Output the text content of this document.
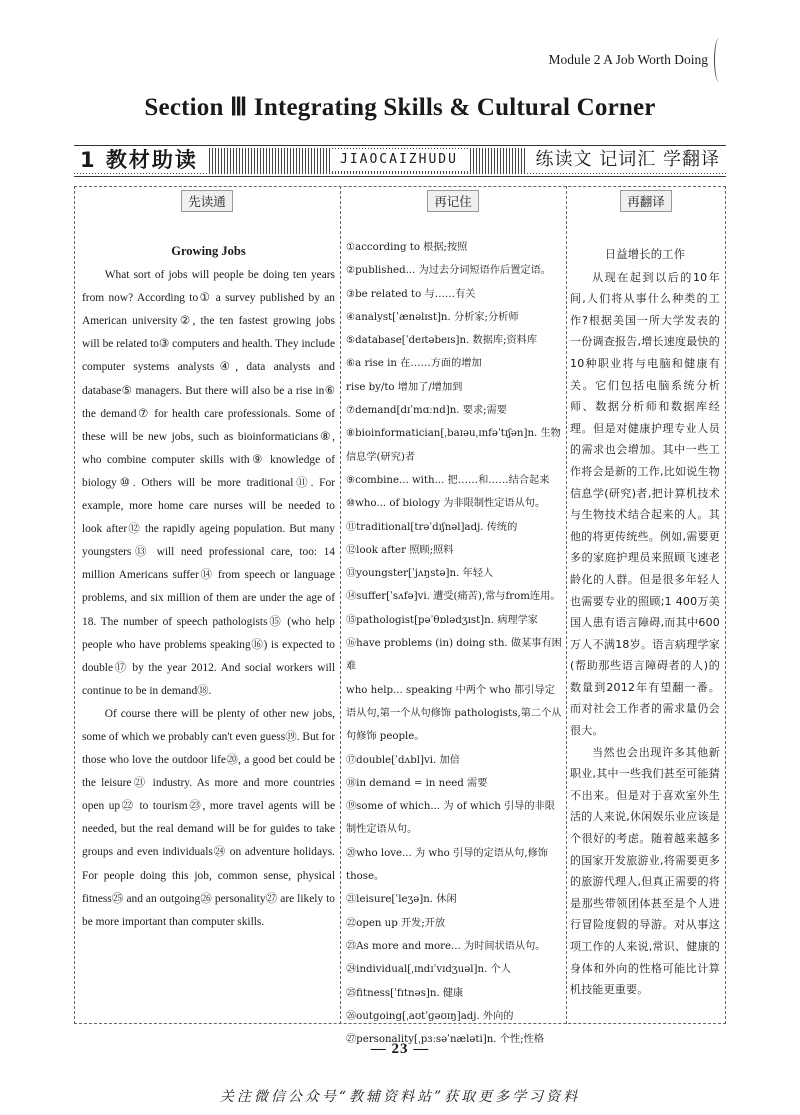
Module 2 A Job Worth Doing
Section Ⅲ Integrating Skills & Cultural Corner
1 教材助读	JIAOCAIZHUDU	练读文 记词汇 学翻译
先读通	再记住	再翻译
Growing Jobs

What sort of jobs will people be doing ten years from now? According to① a survey published by an American university②, the ten fastest growing jobs will be related to③ computers and health. They include computer systems analysts④, data analysts and database⑤ managers. But there will also be a rise in⑥ the demand⑦ for health care professionals. Some of these will be new jobs, such as bioinformaticians⑧, who combine computer skills with⑨ knowledge of biology⑩. Others will be more traditional⑪. For example, more home care nurses will be needed to look after⑫ the rapidly ageing population. But many youngsters⑬ will need professional care, too: 14 million Americans suffer⑭ from speech or language problems, and six million of them are under the age of 18. The number of speech pathologists⑮ (who help people who have problems speaking⑯) is expected to double⑰ by the year 2012. And social workers will continue to be in demand⑱.

Of course there will be plenty of other new jobs, some of which we probably can't even guess⑲. But for those who love the outdoor life⑳, a good bet could be the leisure㉑ industry. As more and more countries open up㉒ to tourism㉓, more travel agents will be needed, but the real demand will be for guides to take groups and even individuals㉔ on adventure holidays. For people doing this job, common sense, physical fitness㉕ and an outgoing㉖ personality㉗ are likely to be more important than computer skills.

①according to 根据;按照
②published... 为过去分词短语作后置定语。
③be related to 与……有关
④analyst[ˈænəlɪst]n. 分析家;分析师
⑤database[ˈdeɪtəbeɪs]n. 数据库;资料库
⑥a rise in 在……方面的增加
rise by/to 增加了/增加到
⑦demand[dɪˈmɑːnd]n. 要求;需要
⑧bioinformatician[ˌbaɪəuˌɪnfəˈtɪʃən]n. 生物信息学(研究)者
⑨combine... with... 把……和……结合起来
⑩who... of biology 为非限制性定语从句。
⑪traditional[trəˈdɪʃnəl]adj. 传统的
⑫look after 照顾;照料
⑬youngster[ˈjʌŋstə]n. 年轻人
⑭suffer[ˈsʌfə]vi. 遭受(痛苦),常与from连用。
⑮pathologist[pəˈθɒlədʒɪst]n. 病理学家
⑯have problems (in) doing sth. 做某事有困难
who help... speaking 中两个 who 都引导定语从句,第一个从句修饰 pathologists,第二个从句修饰 people。
⑰double[ˈdʌbl]vi. 加倍
⑱in demand = in need 需要
⑲some of which... 为 of which 引导的非限制性定语从句。
⑳who love... 为 who 引导的定语从句,修饰 those。
㉑leisure[ˈleʒə]n. 休闲
㉒open up 开发;开放
㉓As more and more... 为时间状语从句。
㉔individual[ˌɪndɪˈvɪdʒuəl]n. 个人
㉕fitness[ˈfɪtnəs]n. 健康
㉖outgoing[ˌaʊtˈɡəʊɪŋ]adj. 外向的
㉗personality[ˌpɜːsəˈnæləti]n. 个性;性格
日益增长的工作

从现在起到以后的10年间,人们将从事什么种类的工作?根据美国一所大学发表的一份调查报告,增长速度最快的10种职业将与电脑和健康有关。它们包括电脑系统分析师、数据分析师和数据库经理。但是对健康护理专业人员的需求也会增加。其中一些工作将会是新的工作,比如说生物信息学(研究)者,把计算机技术与生物技术结合起来的人。其他的将更传统些。例如,需要更多的家庭护理员来照顾飞速老龄化的人群。但是很多年轻人也需要专业的照顾;1 400万美国人患有语言障碍,而其中600万人不满18岁。语言病理学家(帮助那些语言障碍者的人)的数量到2012年有望翻一番。而对社会工作者的需求量仍会很大。

当然也会出现许多其他新职业,其中一些我们甚至可能猜不出来。但是对于喜欢室外生活的人来说,休闲娱乐业应该是个很好的考虑。随着越来越多的国家开发旅游业,将需要更多的旅游代理人,但真正需要的将是那些带领团体甚至是个人进行冒险度假的导游。对从事这项工作的人来说,常识、健康的身体和外向的性格可能比计算机技能更重要。

— 23 —
关注微信公众号“教辅资料站”获取更多学习资料
